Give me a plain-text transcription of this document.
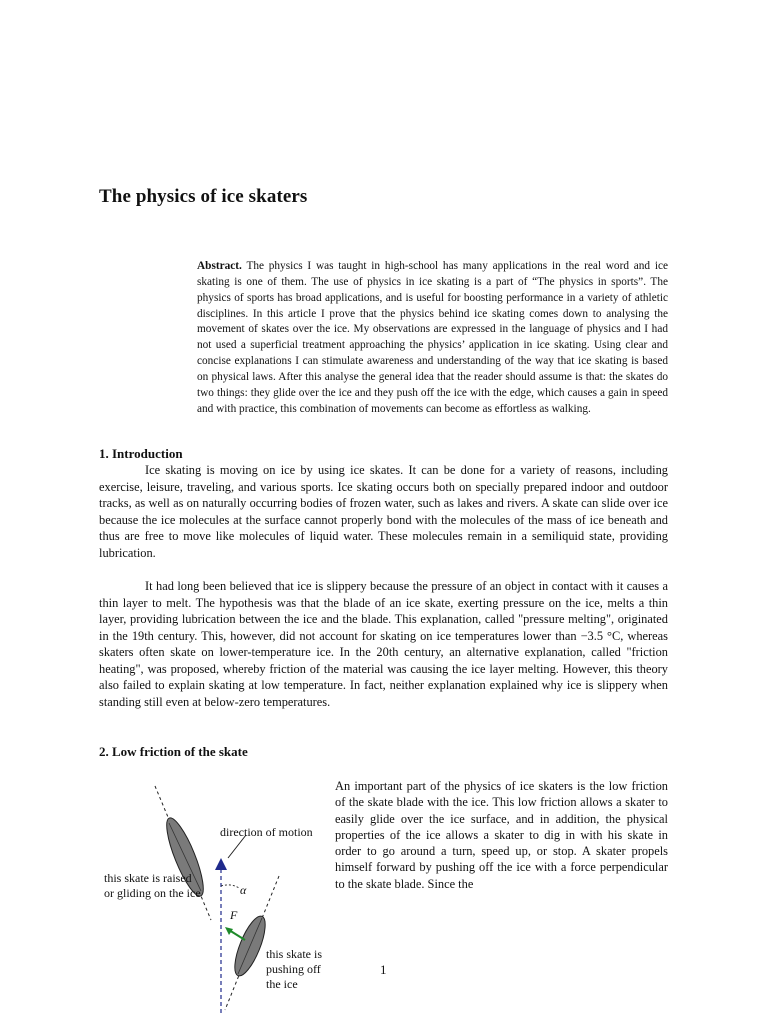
The physics of ice skaters
Abstract. The physics I was taught in high-school has many applications in the real word and ice skating is one of them. The use of physics in ice skating is a part of “The physics in sports”. The physics of sports has broad applications, and is useful for boosting performance in a variety of athletic disciplines. In this article I prove that the physics behind ice skating comes down to analysing the movement of skates over the ice. My observations are expressed in the language of physics and I had not used a superficial treatment approaching the physics’ application in ice skating. Using clear and concise explanations I can stimulate awareness and understanding of the way that ice skating is based on physical laws. After this analyse the general idea that the reader should assume is that: the skates do two things: they glide over the ice and they push off the ice with the edge, which causes a gain in speed and with practice, this combination of movements can become as effortless as walking.
1. Introduction
Ice skating is moving on ice by using ice skates. It can be done for a variety of reasons, including exercise, leisure, traveling, and various sports. Ice skating occurs both on specially prepared indoor and outdoor tracks, as well as on naturally occurring bodies of frozen water, such as lakes and rivers. A skate can slide over ice because the ice molecules at the surface cannot properly bond with the molecules of the mass of ice beneath and thus are free to move like molecules of liquid water. These molecules remain in a semiliquid state, providing lubrication.
It had long been believed that ice is slippery because the pressure of an object in contact with it causes a thin layer to melt. The hypothesis was that the blade of an ice skate, exerting pressure on the ice, melts a thin layer, providing lubrication between the ice and the blade. This explanation, called "pressure melting", originated in the 19th century. This, however, did not account for skating on ice temperatures lower than −3.5 °C, whereas skaters often skate on lower-temperature ice. In the 20th century, an alternative explanation, called "friction heating", was proposed, whereby friction of the material was causing the ice layer melting. However, this theory also failed to explain skating at low temperature. In fact, neither explanation explained why ice is slippery when standing still even at below-zero temperatures.
2. Low friction of the skate
direction of motion
this skate is raised or gliding on the ice	α
F
this skate is pushing off the ice
An important part of the physics of ice skaters is the low friction of the skate blade with the ice. This low friction allows a skater to easily glide over the ice surface, and in addition, the physical properties of the ice allows a skater to dig in with his skate in order to go around a turn, speed up, or stop. A skater propels himself forward by pushing off the ice with a force perpendicular to the skate blade. Since the
1
